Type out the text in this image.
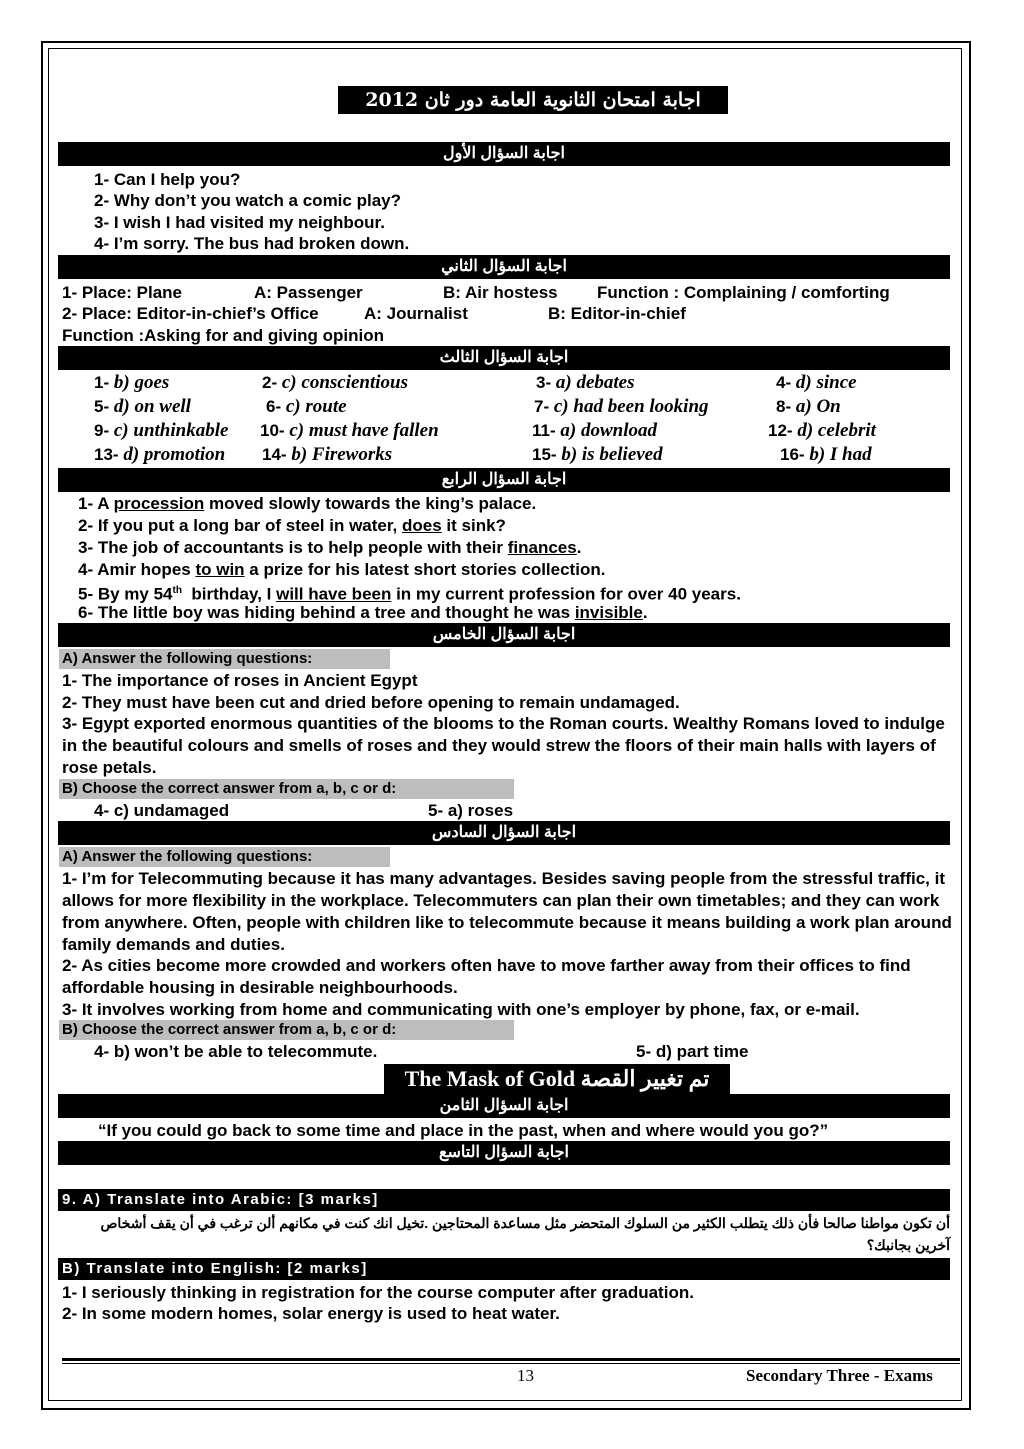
اجابة امتحان الثانوية العامة دور ثان 2012
اجابة السؤال الأول
1- Can I help you?
2- Why don’t you watch a comic play?
3- I wish I had visited my neighbour.
4- I’m sorry. The bus had broken down.
اجابة السؤال الثاني
1- Place: Plane	A: Passenger	B: Air hostess Function : Complaining / comforting
2- Place: Editor-in-chief’s Office	A: Journalist	B: Editor-in-chief
Function :Asking for and giving opinion
اجابة السؤال الثالث
1- b) goes	2- c) conscientious	3- a) debates	4- d) since
5- d) on well	6- c) route	7- c) had been looking	8- a) On
9- c) unthinkable 10- c) must have fallen	11- a) download	12- d) celebrit
13- d) promotion 14- b) Fireworks	15- b) is believed	16- b) I had
اجابة السؤال الرابع
1- A procession moved slowly towards the king’s palace.
2- If you put a long bar of steel in water, does it sink?
3- The job of accountants is to help people with their finances.
4- Amir hopes to win a prize for his latest short stories collection.
5- By my 54th  birthday, I will have been in my current profession for over 40 years.
6- The little boy was hiding behind a tree and thought he was invisible.
اجابة السؤال الخامس
A) Answer the following questions:
1- The importance of roses in Ancient Egypt
2- They must have been cut and dried before opening to remain undamaged.
3- Egypt exported enormous quantities of the blooms to the Roman courts. Wealthy Romans loved to indulge in the beautiful colours and smells of roses and they would strew the floors of their main halls with layers of rose petals.
B) Choose the correct answer from a, b, c or d:
4- c) undamaged	5- a) roses
اجابة السؤال السادس
A) Answer the following questions:
1- I’m for Telecommuting because it has many advantages. Besides saving people from the stressful traffic, it allows for more flexibility in the workplace. Telecommuters can plan their own timetables; and they can work from anywhere. Often, people with children like to telecommute because it means building a work plan around family demands and duties.
2- As cities become more crowded and workers often have to move farther away from their offices to find affordable housing in desirable neighbourhoods.
3- It involves working from home and communicating with one’s employer by phone, fax, or e-mail.
B) Choose the correct answer from a, b, c or d:
4- b) won’t be able to telecommute.	5- d) part time
The Mask of Gold تم تغيير القصة
اجابة السؤال الثامن
“If you could go back to some time and place in the past, when and where would you go?”
اجابة السؤال التاسع
9. A) Translate into Arabic: [3 marks]
أن تكون مواطنا صالحا فأن ذلك يتطلب الكثير من السلوك المتحضر مثل مساعدة المحتاجين .تخيل انك كنت في مكانهم ألن ترغب في أن يقف أشخاص آخرين بجانبك؟
B) Translate into English: [2 marks]
1- I seriously thinking in registration for the course computer after graduation.
2- In some modern homes, solar energy is used to heat water.
13	Secondary Three - Exams
